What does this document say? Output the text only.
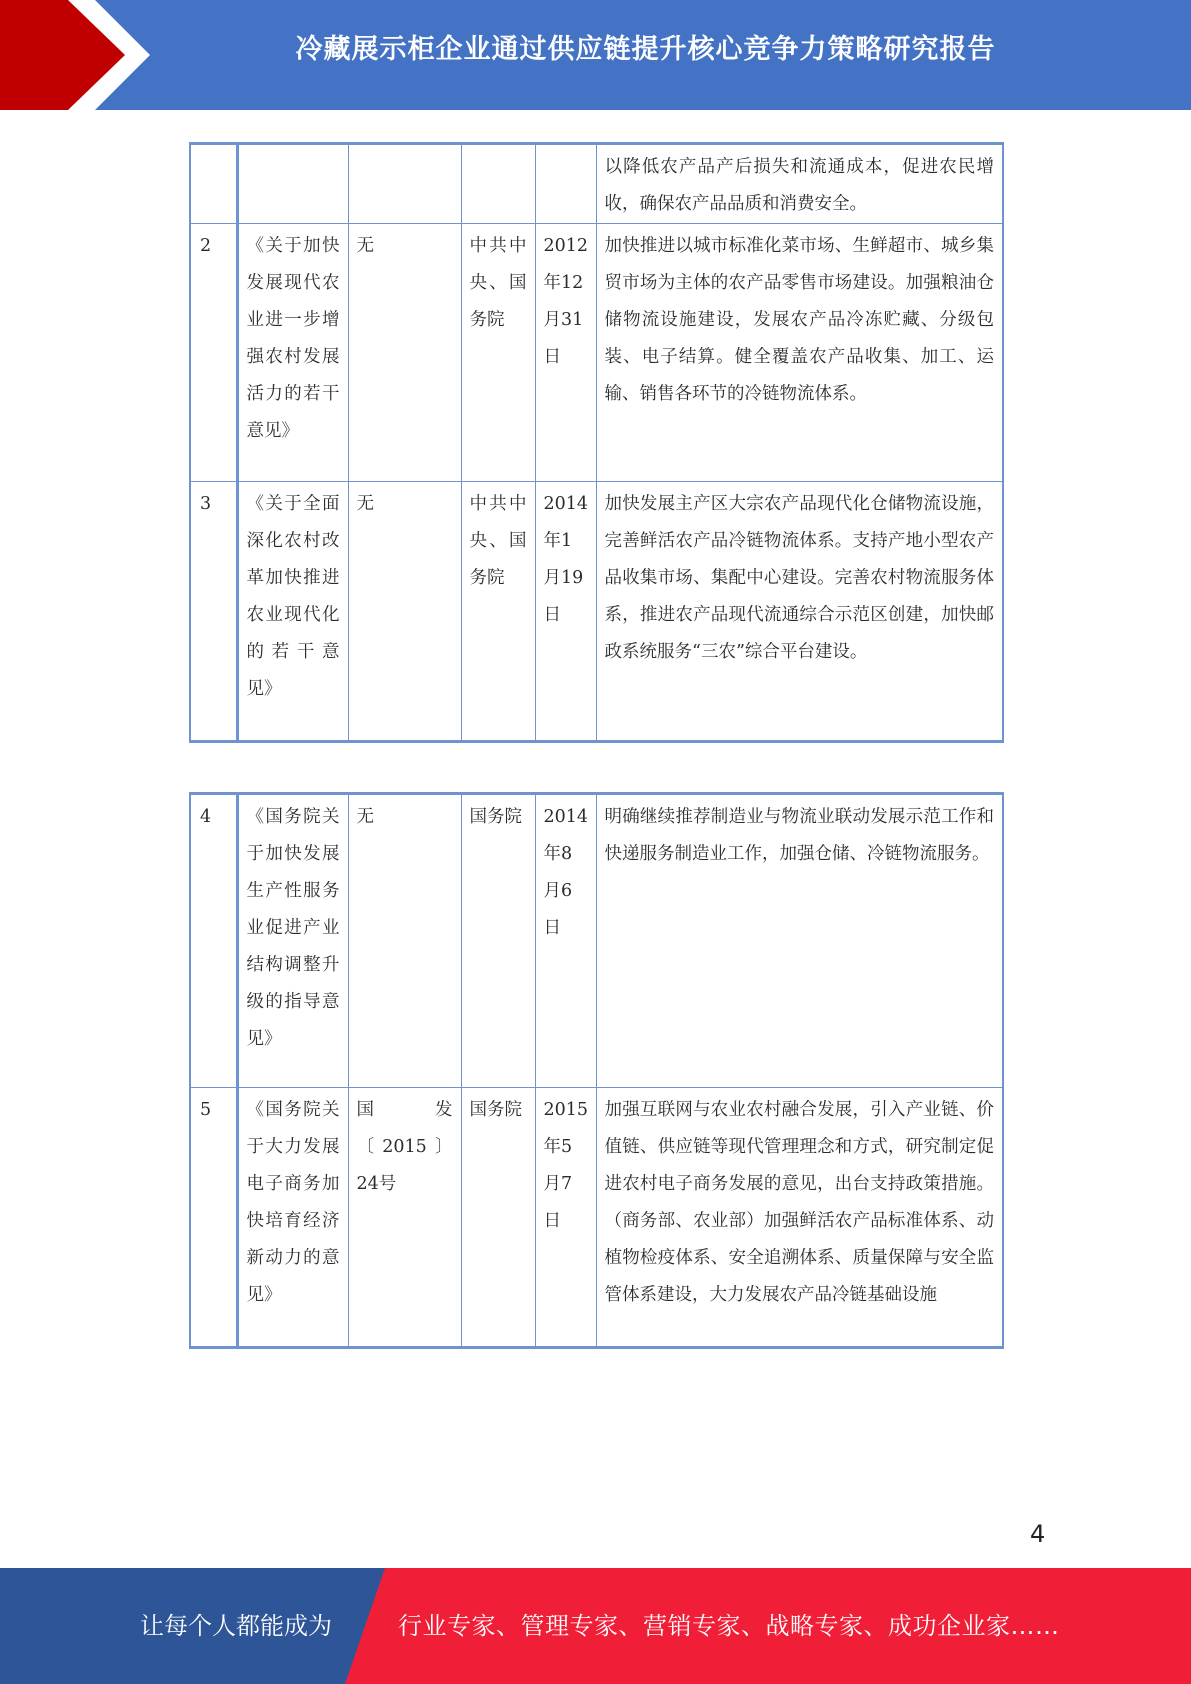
冷藏展示柜企业通过供应链提升核心竞争力策略研究报告
					以降低农产品产后损失和流通成本，促进农民增收，确保农产品品质和消费安全。
2	《关于加快发展现代农业进一步增强农村发展活力的若干意见》	无	中共中央、国务院	2012年12月31日	加快推进以城市标准化菜市场、生鲜超市、城乡集贸市场为主体的农产品零售市场建设。加强粮油仓储物流设施建设，发展农产品冷冻贮藏、分级包装、电子结算。健全覆盖农产品收集、加工、运输、销售各环节的冷链物流体系。
3	《关于全面深化农村改革加快推进农业现代化的若干意见》	无	中共中央、国务院	2014年1月19日	加快发展主产区大宗农产品现代化仓储物流设施，完善鲜活农产品冷链物流体系。支持产地小型农产品收集市场、集配中心建设。完善农村物流服务体系，推进农产品现代流通综合示范区创建，加快邮政系统服务“三农”综合平台建设。
4	《国务院关于加快发展生产性服务业促进产业结构调整升级的指导意见》	无	国务院	2014年8月6日	明确继续推荐制造业与物流业联动发展示范工作和快递服务制造业工作，加强仓储、冷链物流服务。
5	《国务院关于大力发展电子商务加快培育经济新动力的意见》	国发〔2015〕24号	国务院	2015年5月7日	加强互联网与农业农村融合发展，引入产业链、价值链、供应链等现代管理理念和方式，研究制定促进农村电子商务发展的意见，出台支持政策措施。（商务部、农业部）加强鲜活农产品标准体系、动植物检疫体系、安全追溯体系、质量保障与安全监管体系建设，大力发展农产品冷链基础设施
4
让每个人都能成为	行业专家、管理专家、营销专家、战略专家、成功企业家……
